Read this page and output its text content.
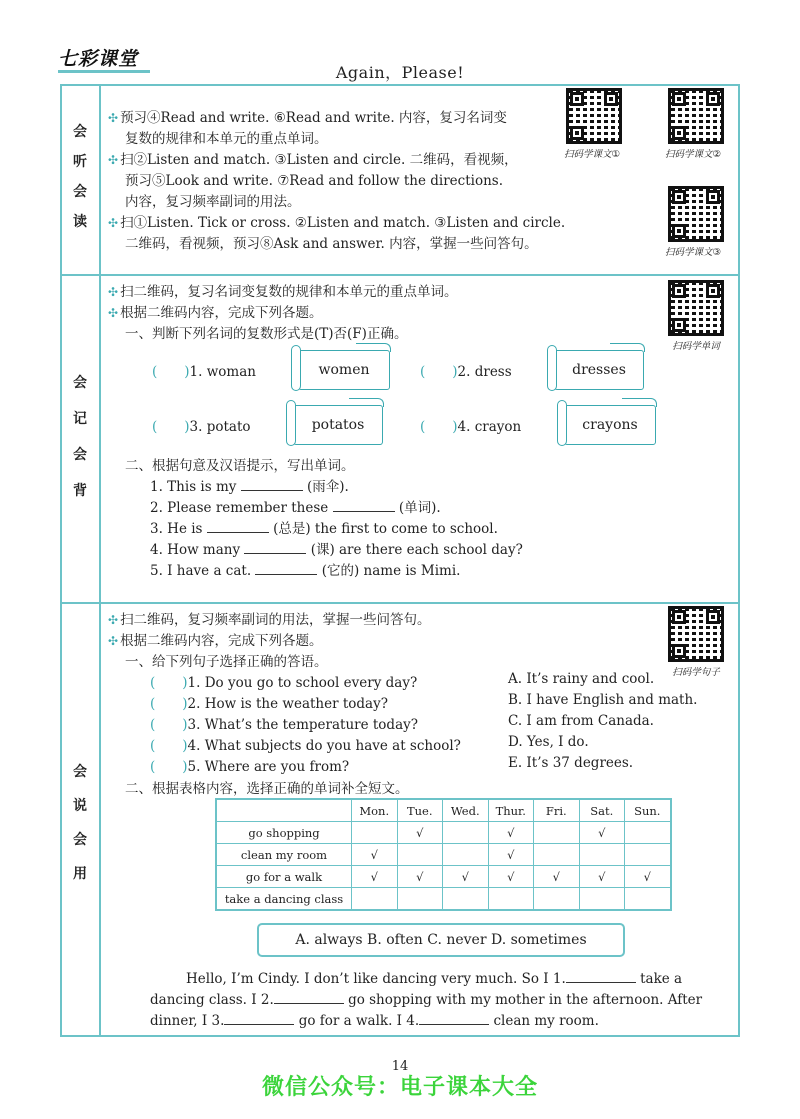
七彩课堂
Again，Please!
会
听
会
读
会
记
会
背
会
说
会
用
✣ 预习④Read and write. ⑥Read and write. 内容，复习名词变
复数的规律和本单元的重点单词。
✣ 扫②Listen and match. ③Listen and circle. 二维码，看视频，
预习⑤Look and write. ⑦Read and follow the directions.
内容，复习频率副词的用法。
✣ 扫①Listen. Tick or cross. ②Listen and match. ③Listen and circle.
二维码，看视频，预习⑧Ask and answer. 内容，掌握一些问答句。
扫码学课文①	扫码学课文②
扫码学课文③
✣ 扫二维码，复习名词变复数的规律和本单元的重点单词。
✣ 根据二维码内容，完成下列各题。
一、判断下列名词的复数形式是(T)否(F)正确。
扫码学单词
(　　)1. woman	women	(　　)2. dress	dresses
(　　)3. potato	potatos	(　　)4. crayon	crayons
二、根据句意及汉语提示，写出单词。
1. This is my	(雨伞).
2. Please remember these	(单词).
3. He is	(总是) the first to come to school.
4. How many	(课) are there each school day?
5. I have a cat.	(它的) name is Mimi.
✣ 扫二维码，复习频率副词的用法，掌握一些问答句。
✣ 根据二维码内容，完成下列各题。
一、给下列句子选择正确的答语。
扫码学句子
(　　)1. Do you go to school every day?
(　　)2. How is the weather today?
(　　)3. What’s the temperature today?
(　　)4. What subjects do you have at school?
(　　)5. Where are you from?
A. It’s rainy and cool.
B. I have English and math.
C. I am from Canada.
D. Yes, I do.
E. It’s 37 degrees.
二、根据表格内容，选择正确的单词补全短文。
	Mon.	Tue.	Wed.	Thur.	Fri.	Sat.	Sun.
go shopping		√		√		√	
clean my room	√			√			
go for a walk	√	√	√	√	√	√	√
take a dancing class							
A. always B. often C. never D. sometimes
Hello, I’m Cindy. I don’t like dancing very much. So I 1.	take a
dancing class. I 2.	go shopping with my mother in the afternoon. After
dinner, I 3.	go for a walk. I 4.	clean my room.
14
微信公众号：电子课本大全
